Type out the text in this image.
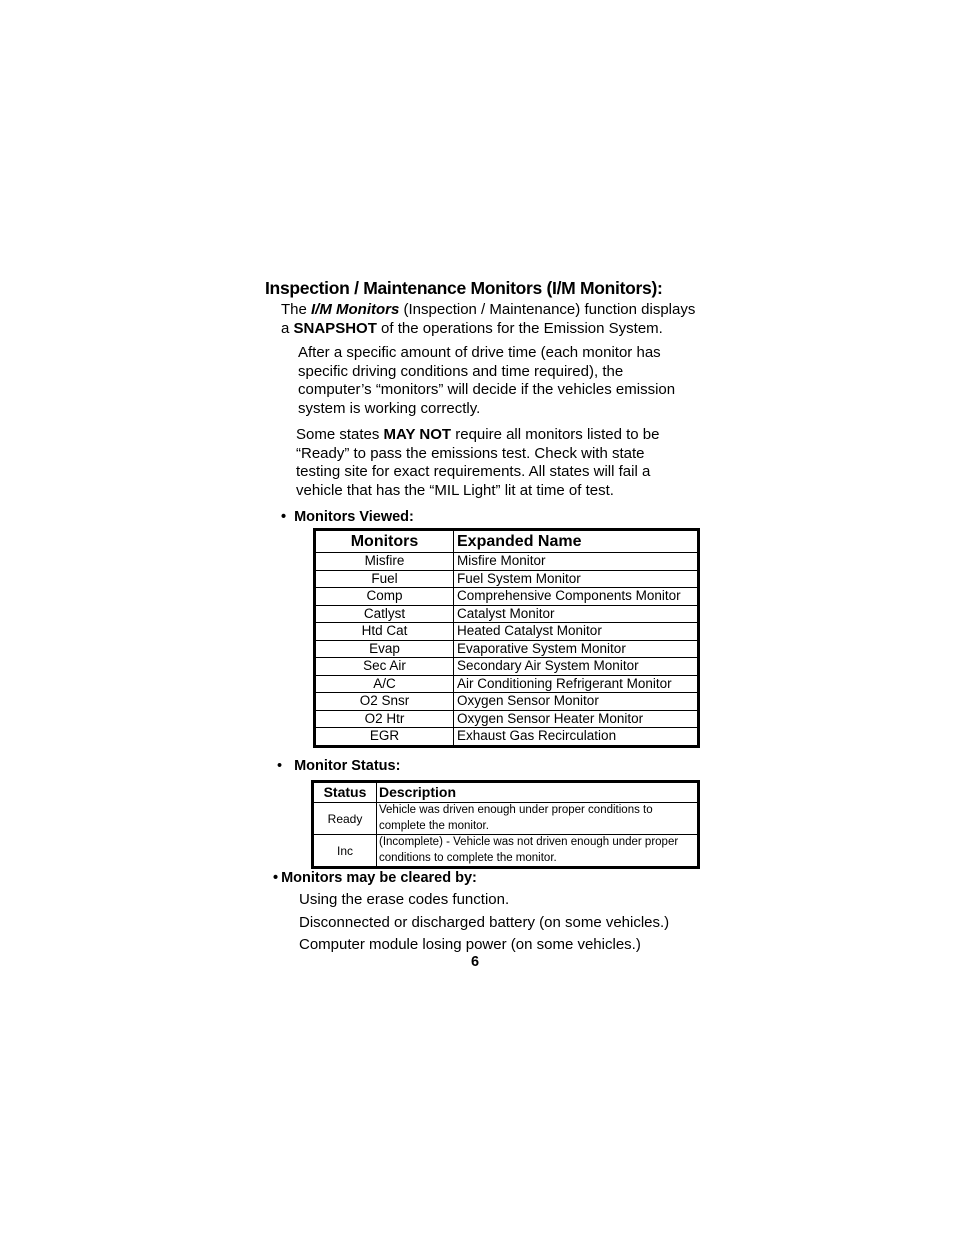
Inspection / Maintenance Monitors (I/M Monitors):
The I/M Monitors (Inspection / Maintenance) function displays
a SNAPSHOT of the operations for the Emission System.
After a specific amount of drive time (each monitor has
specific driving conditions and time required), the
computer’s “monitors” will decide if the vehicles emission
system is working correctly.
Some states MAY NOT require all monitors listed to be
“Ready” to pass the emissions test. Check with state
testing site for exact requirements. All states will fail a
vehicle that has the “MIL Light” lit at time of test.
• Monitors Viewed:
Monitors	Expanded Name
Misfire	Misfire Monitor
Fuel	Fuel System Monitor
Comp	Comprehensive Components Monitor
Catlyst	Catalyst Monitor
Htd Cat	Heated Catalyst Monitor
Evap	Evaporative System Monitor
Sec Air	Secondary Air System Monitor
A/C	Air Conditioning Refrigerant Monitor
O2 Snsr	Oxygen Sensor Monitor
O2 Htr	Oxygen Sensor Heater Monitor
EGR	Exhaust Gas Recirculation
• Monitor Status:
Status	Description
Ready	Vehicle was driven enough under proper conditions to complete the monitor.
Inc	(Incomplete) - Vehicle was not driven enough under proper conditions to complete the monitor.
• Monitors may be cleared by:
Using the erase codes function.
Disconnected or discharged battery (on some vehicles.)
Computer module losing power (on some vehicles.)
6
